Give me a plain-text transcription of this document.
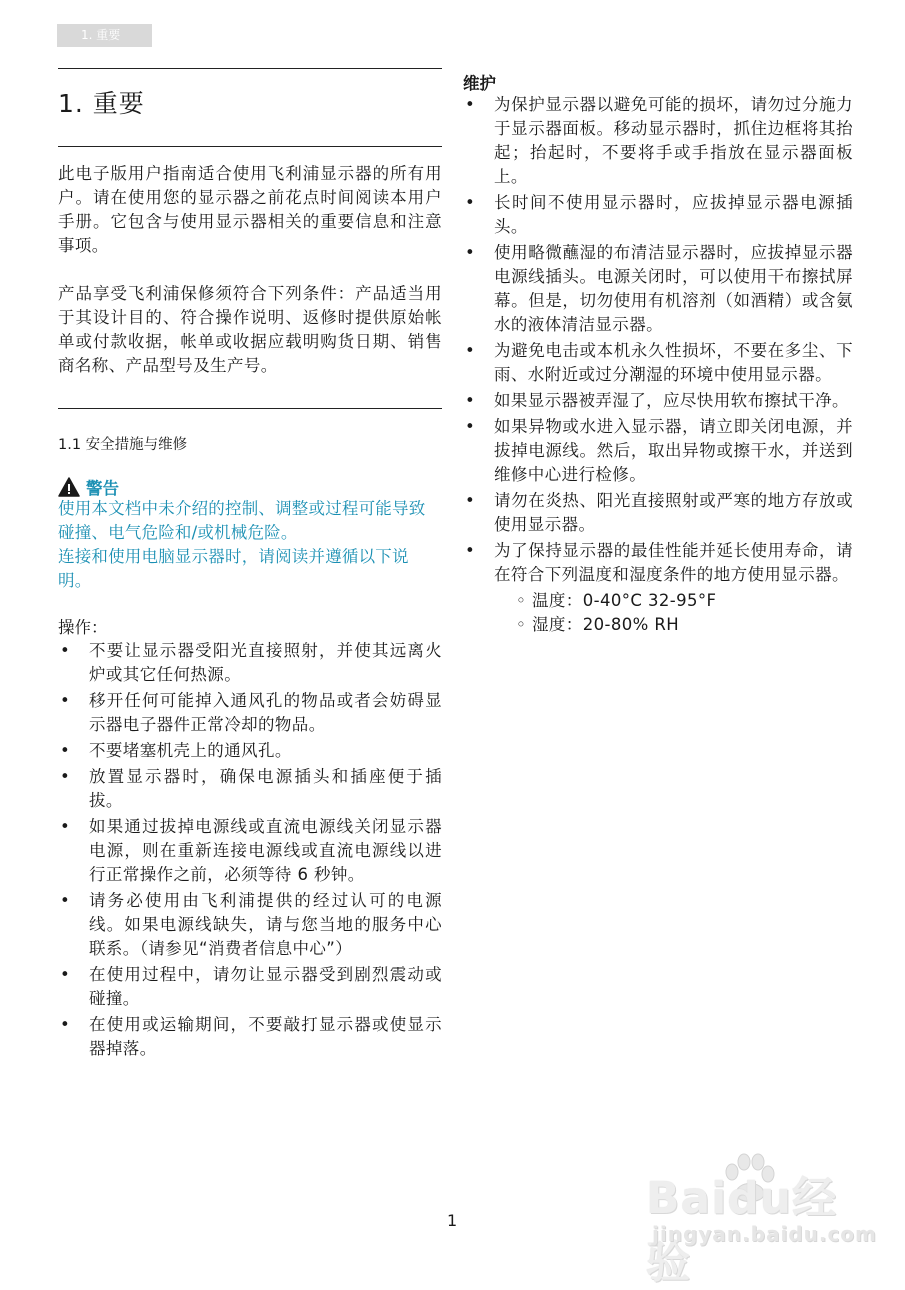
1. 重要
1. 重要

此电子版用户指南适合使用飞利浦显示器的所有用户。请在使用您的显示器之前花点时间阅读本用户手册。它包含与使用显示器相关的重要信息和注意事项。

产品享受飞利浦保修须符合下列条件：产品适当用于其设计目的、符合操作说明、返修时提供原始帐单或付款收据，帐单或收据应载明购货日期、销售商名称、产品型号及生产号。

1.1 安全措施与维修
警告

使用本文档中未介绍的控制、调整或过程可能导致碰撞、电气危险和/或机械危险。

连接和使用电脑显示器时，请阅读并遵循以下说明。

操作：
• 不要让显示器受阳光直接照射，并使其远离火炉或其它任何热源。
• 移开任何可能掉入通风孔的物品或者会妨碍显示器电子器件正常冷却的物品。
• 不要堵塞机壳上的通风孔。
• 放置显示器时，确保电源插头和插座便于插拔。
• 如果通过拔掉电源线或直流电源线关闭显示器电源，则在重新连接电源线或直流电源线以进行正常操作之前，必须等待 6 秒钟。
• 请务必使用由飞利浦提供的经过认可的电源线。如果电源线缺失，请与您当地的服务中心联系。（请参见“消费者信息中心”）
• 在使用过程中，请勿让显示器受到剧烈震动或碰撞。
• 在使用或运输期间，不要敲打显示器或使显示器掉落。
维护
• 为保护显示器以避免可能的损坏，请勿过分施力于显示器面板。移动显示器时，抓住边框将其抬起；抬起时，不要将手或手指放在显示器面板上。
• 长时间不使用显示器时，应拔掉显示器电源插头。
• 使用略微蘸湿的布清洁显示器时，应拔掉显示器电源线插头。电源关闭时，可以使用干布擦拭屏幕。但是，切勿使用有机溶剂（如酒精）或含氨水的液体清洁显示器。
• 为避免电击或本机永久性损坏，不要在多尘、下雨、水附近或过分潮湿的环境中使用显示器。
• 如果显示器被弄湿了，应尽快用软布擦拭干净。
• 如果异物或水进入显示器，请立即关闭电源，并拔掉电源线。然后，取出异物或擦干水，并送到维修中心进行检修。
• 请勿在炎热、阳光直接照射或严寒的地方存放或使用显示器。
• 为了保持显示器的最佳性能并延长使用寿命，请在符合下列温度和湿度条件的地方使用显示器。
◦ 温度：0-40°C 32-95°F
◦ 湿度：20-80% RH
1	Baidu经验
jingyan.baidu.com
